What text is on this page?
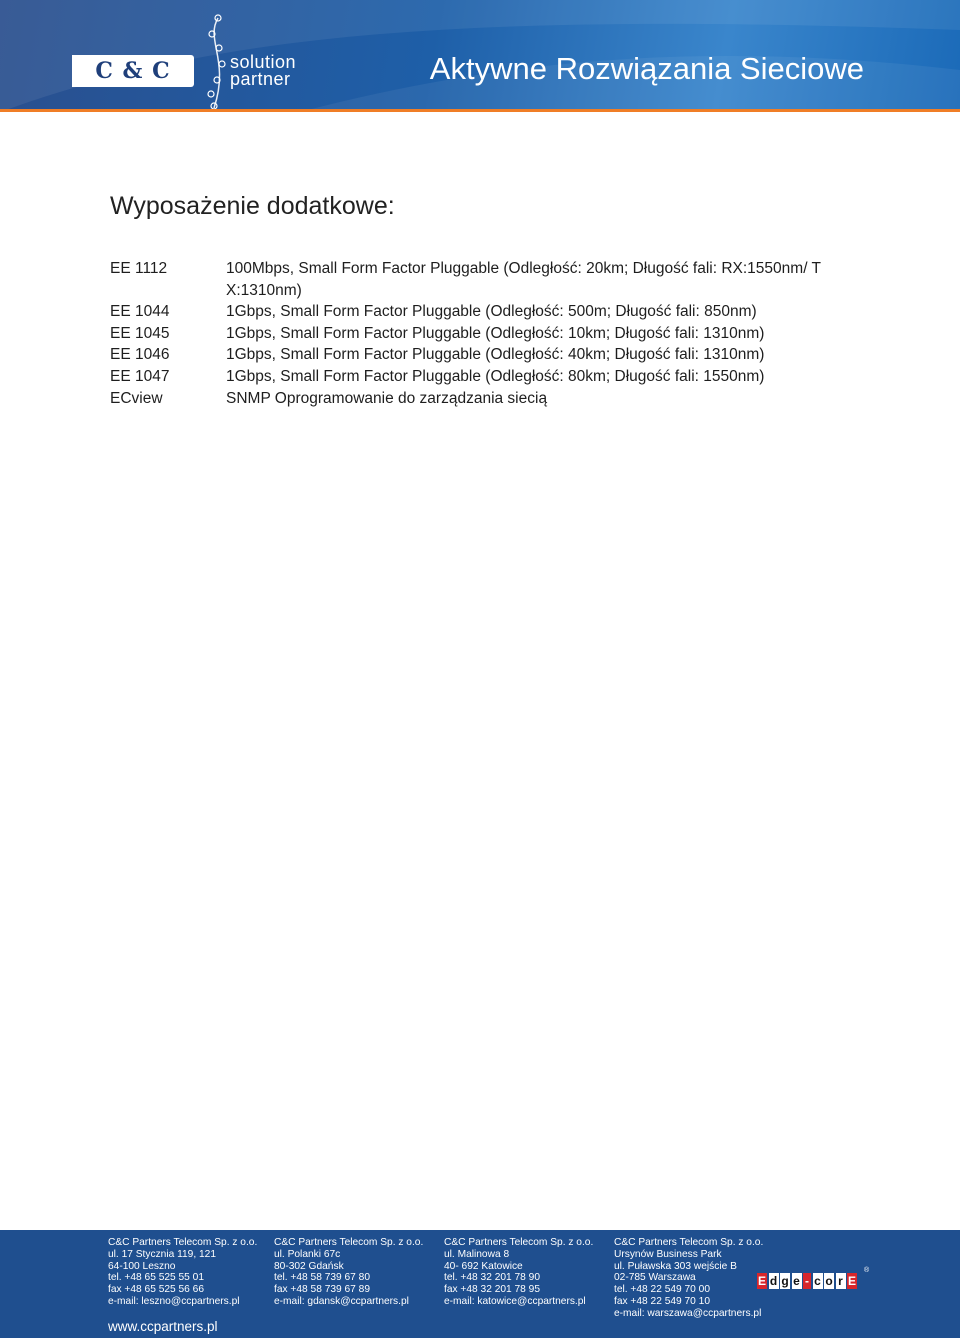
C & C	solution
partner	Aktywne Rozwiązania Sieciowe
Wyposażenie dodatkowe:
EE 1112	100Mbps, Small Form Factor Pluggable (Odległość: 20km; Długość fali: RX:1550nm/ T X:1310nm)
EE 1044	1Gbps, Small Form Factor Pluggable (Odległość: 500m; Długość fali: 850nm)
EE 1045	1Gbps, Small Form Factor Pluggable (Odległość: 10km; Długość fali: 1310nm)
EE 1046	1Gbps, Small Form Factor Pluggable (Odległość: 40km; Długość fali: 1310nm)
EE 1047	1Gbps, Small Form Factor Pluggable (Odległość: 80km; Długość fali: 1550nm)
ECview	SNMP Oprogramowanie do zarządzania siecią
C&C Partners Telecom Sp. z o.o.
ul. 17 Stycznia 119, 121
64-100 Leszno
tel. +48 65 525 55 01
fax +48 65 525 56 66
e-mail: leszno@ccpartners.pl
C&C Partners Telecom Sp. z o.o.
ul. Polanki 67c
80-302 Gdańsk
tel. +48 58 739 67 80
fax +48 58 739 67 89
e-mail: gdansk@ccpartners.pl
C&C Partners Telecom Sp. z o.o.
ul. Malinowa 8
40- 692 Katowice
tel. +48 32 201 78 90
fax +48 32 201 78 95
e-mail: katowice@ccpartners.pl
C&C Partners Telecom Sp. z o.o.
Ursynów Business Park
ul. Puławska 303 wejście B
02-785 Warszawa
tel. +48 22 549 70 00
fax +48 22 549 70 10
e-mail: warszawa@ccpartners.pl
www.ccpartners.pl
E d g e - c o r E
®
